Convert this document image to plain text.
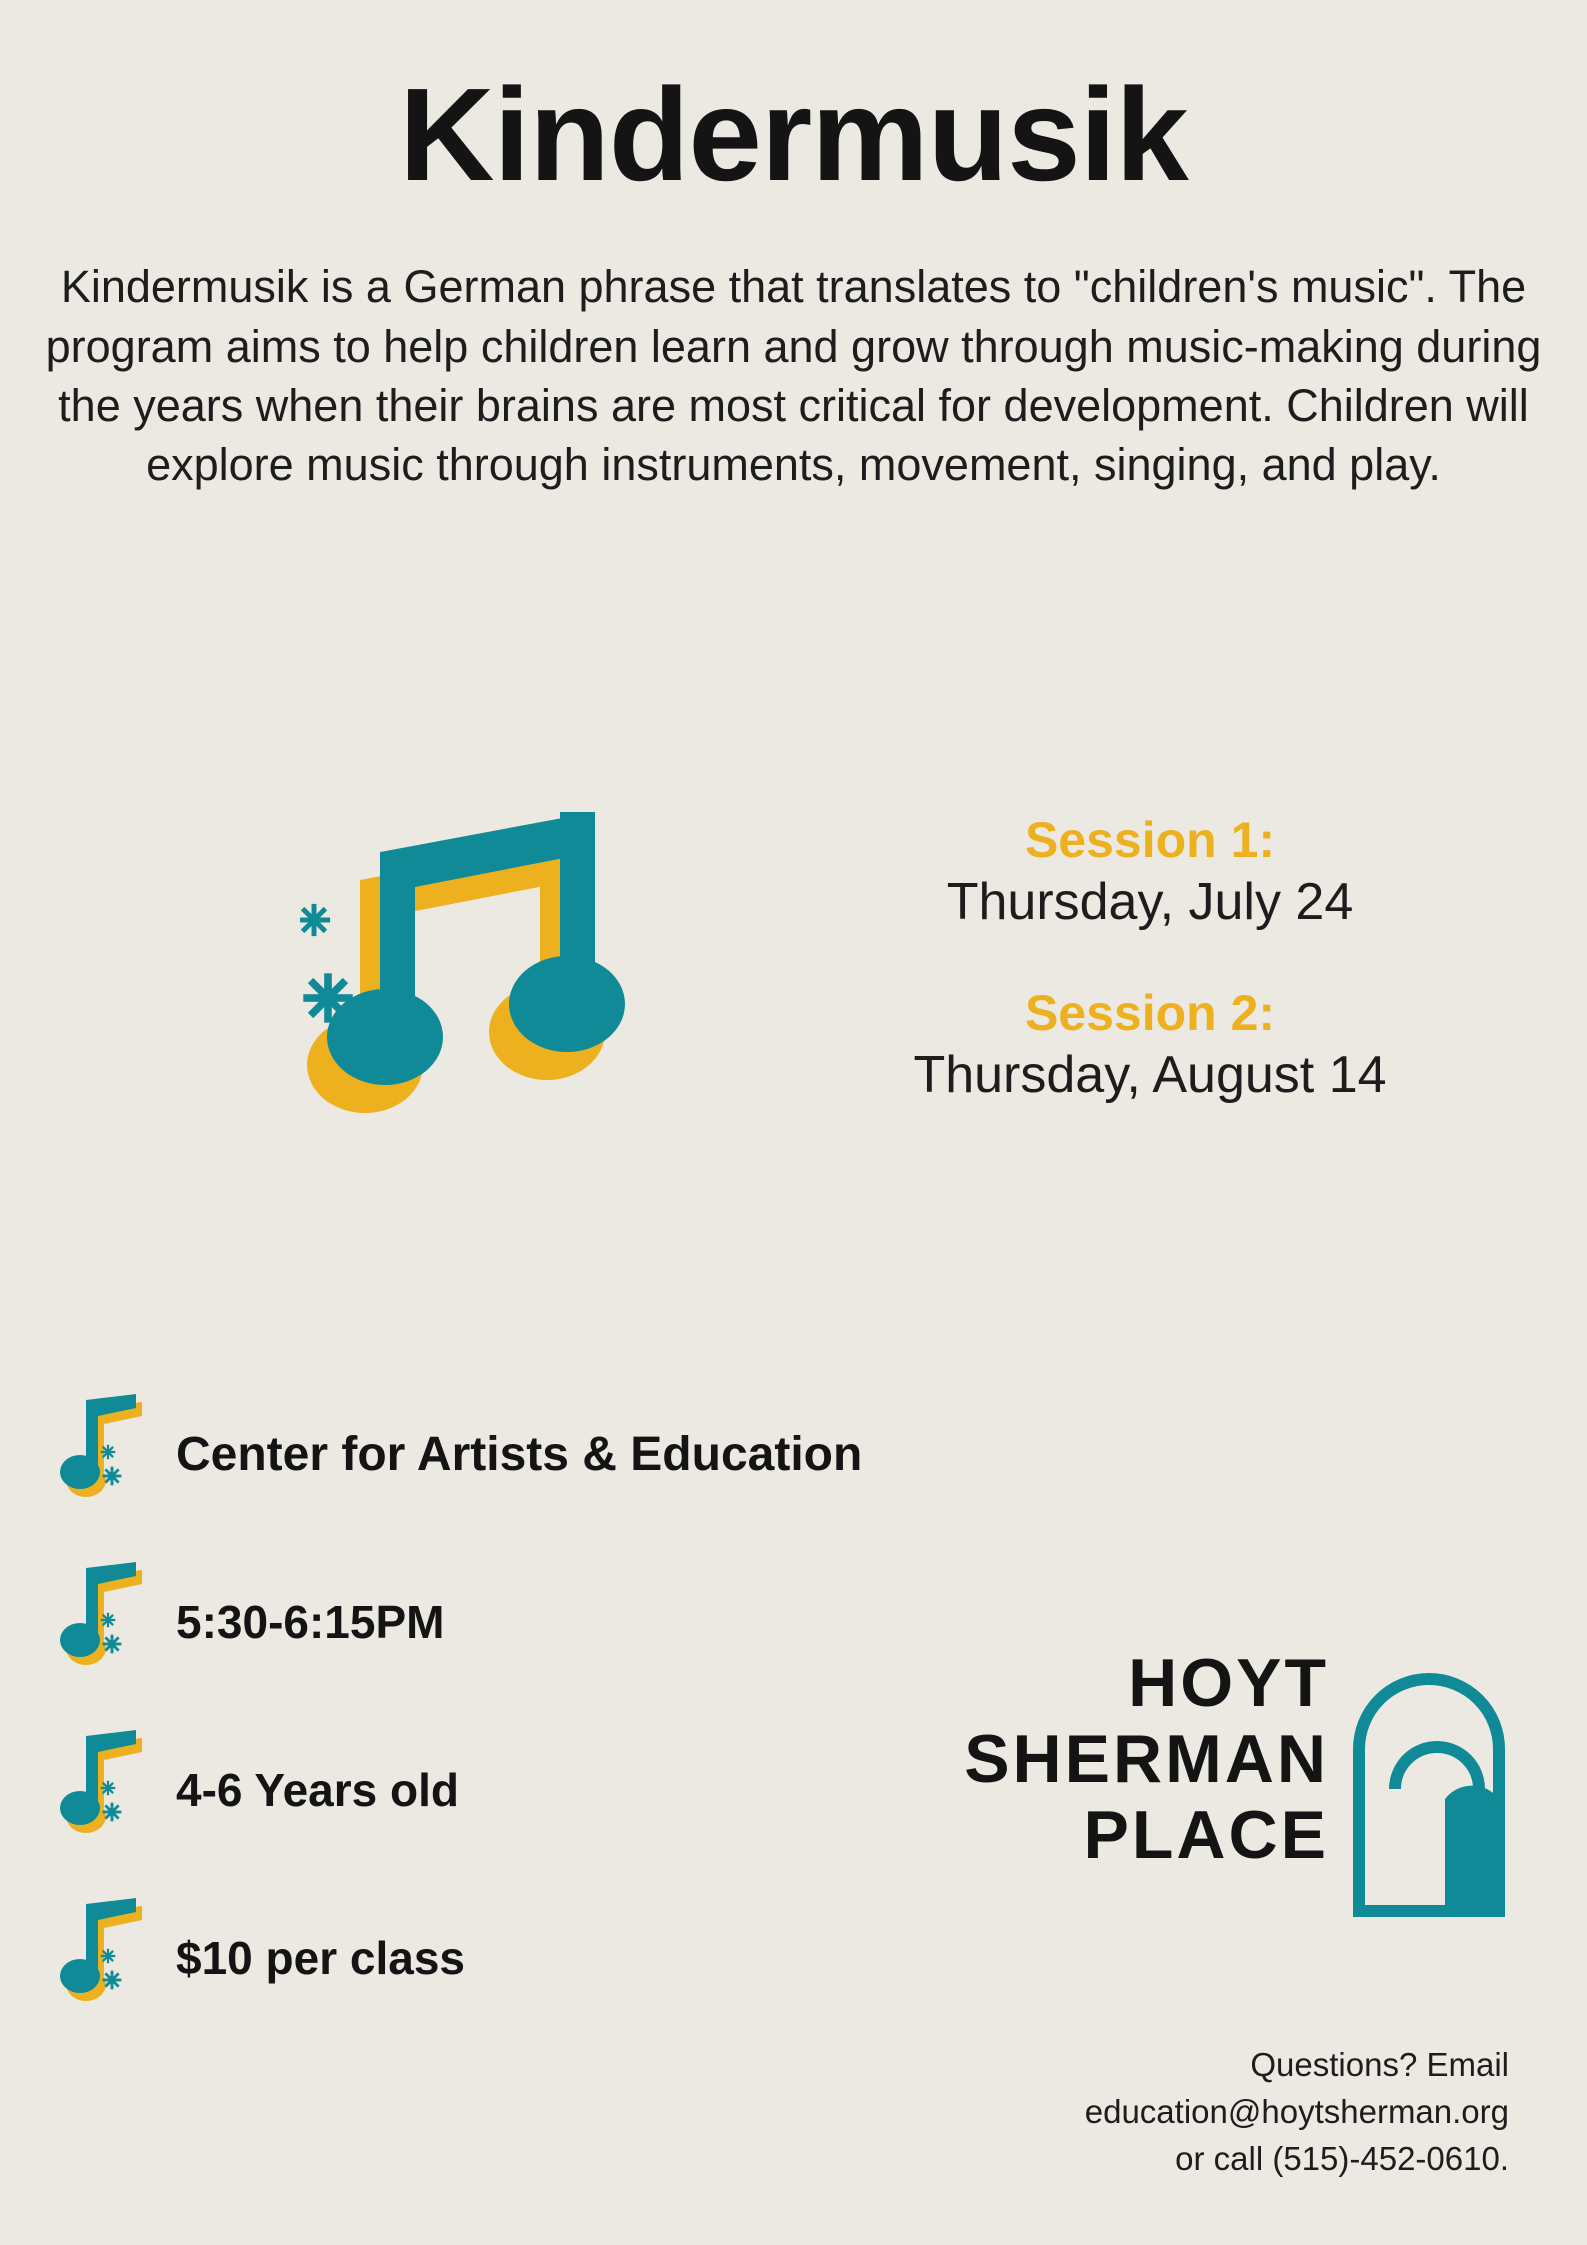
Kindermusik

Kindermusik is a German phrase that translates to "children's music". The program aims to help children learn and grow through music-making during the years when their brains are most critical for development. Children will explore music through instruments, movement, singing, and play.

Session 1:
Thursday, July 24
Session 2:
Thursday, August 14
Center for Artists & Education
5:30-6:15PM
4-6 Years old
$10 per class
HOYT
SHERMAN
PLACE
Questions? Email
education@hoytsherman.org
or call (515)-452-0610.
